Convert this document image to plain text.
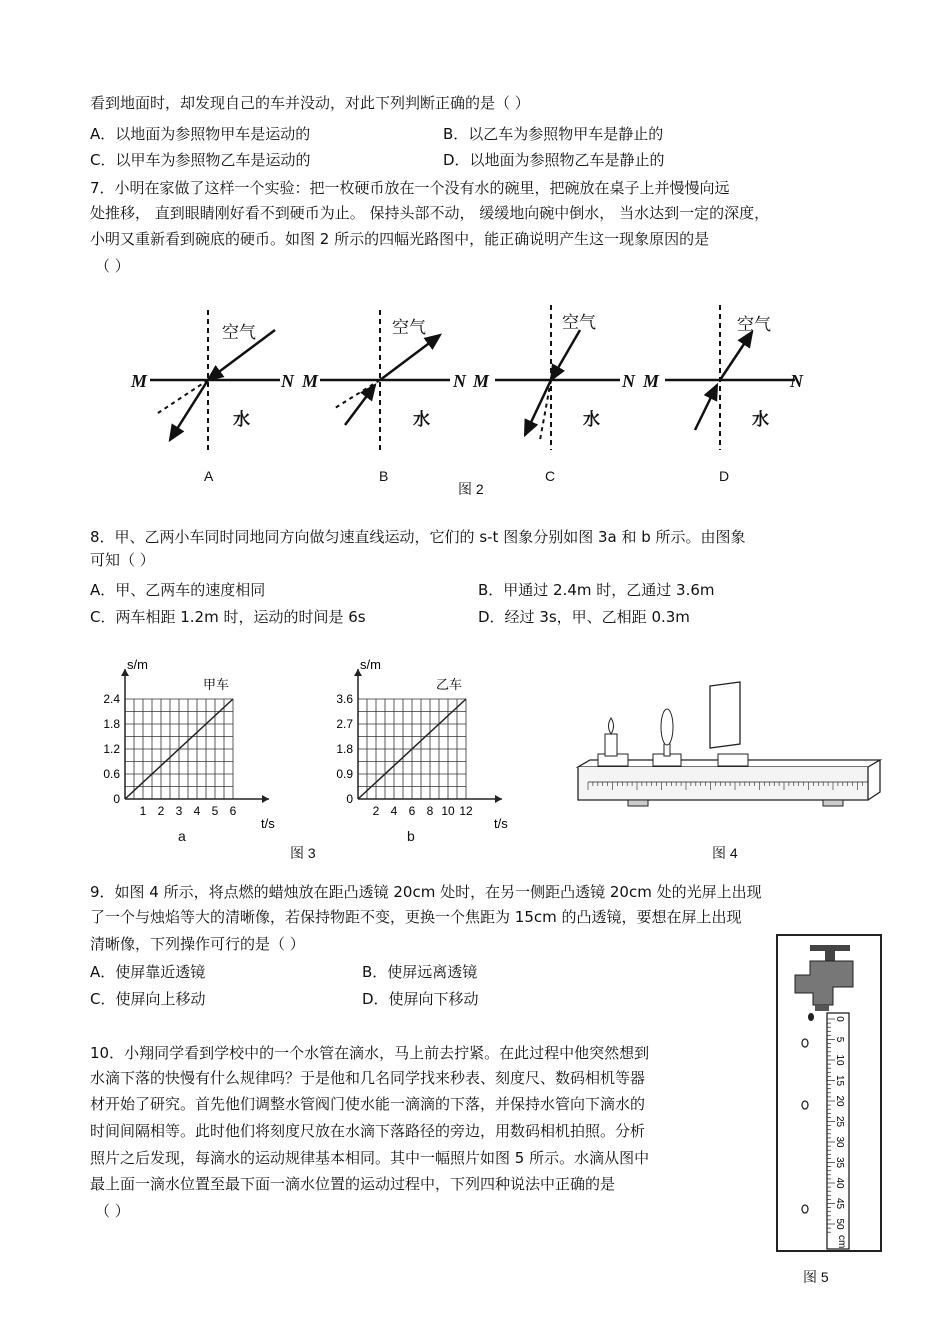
看到地面时，却发现自己的车并没动，对此下列判断正确的是（ ）
A．以地面为参照物甲车是运动的	B．以乙车为参照物甲车是静止的
C．以甲车为参照物乙车是运动的	D．以地面为参照物乙车是静止的
7．小明在家做了这样一个实验：把一枚硬币放在一个没有水的碗里，把碗放在桌子上并慢慢向远
处推移， 直到眼睛刚好看不到硬币为止。 保持头部不动， 缓缓地向碗中倒水， 当水达到一定的深度，
小明又重新看到碗底的硬币。如图 2 所示的四幅光路图中，能正确说明产生这一现象原因的是
（ ）
空气
水
M	N
空气
水
M	N
空气
水
M	N
空气
水
M	N
A	B	C	D
图 2
8．甲、乙两小车同时同地同方向做匀速直线运动，它们的 s-t 图象分别如图 3a 和 b 所示。由图象
可知（ ）
A．甲、乙两车的速度相同	B．甲通过 2.4m 时，乙通过 3.6m
C．两车相距 1.2m 时，运动的时间是 6s	D．经过 3s，甲、乙相距 0.3m
2.4
1.8
1.2
0.6
0
1 2 3 4 5 6
s/m
t/s
甲车
a
3.6
2.7
1.8
0.9
0
2 4 6 8 10 12
s/m
t/s
乙车
b
图 3	图 4
9．如图 4 所示，将点燃的蜡烛放在距凸透镜 20cm 处时，在另一侧距凸透镜 20cm 处的光屏上出现
了一个与烛焰等大的清晰像，若保持物距不变，更换一个焦距为 15cm 的凸透镜，要想在屏上出现
清晰像，下列操作可行的是（ ）
A．使屏靠近透镜	B．使屏远离透镜
C．使屏向上移动	D．使屏向下移动
10．小翔同学看到学校中的一个水管在滴水，马上前去拧紧。在此过程中他突然想到
水滴下落的快慢有什么规律吗？于是他和几名同学找来秒表、刻度尺、数码相机等器
材开始了研究。首先他们调整水管阀门使水能一滴滴的下落，并保持水管向下滴水的
时间间隔相等。此时他们将刻度尺放在水滴下落路径的旁边，用数码相机拍照。分析
照片之后发现，每滴水的运动规律基本相同。其中一幅照片如图 5 所示。水滴从图中
最上面一滴水位置至最下面一滴水位置的运动过程中，下列四种说法中正确的是
（ ）
0
5
10
15
20
25
30
35
40
45
50
cm
图 5
